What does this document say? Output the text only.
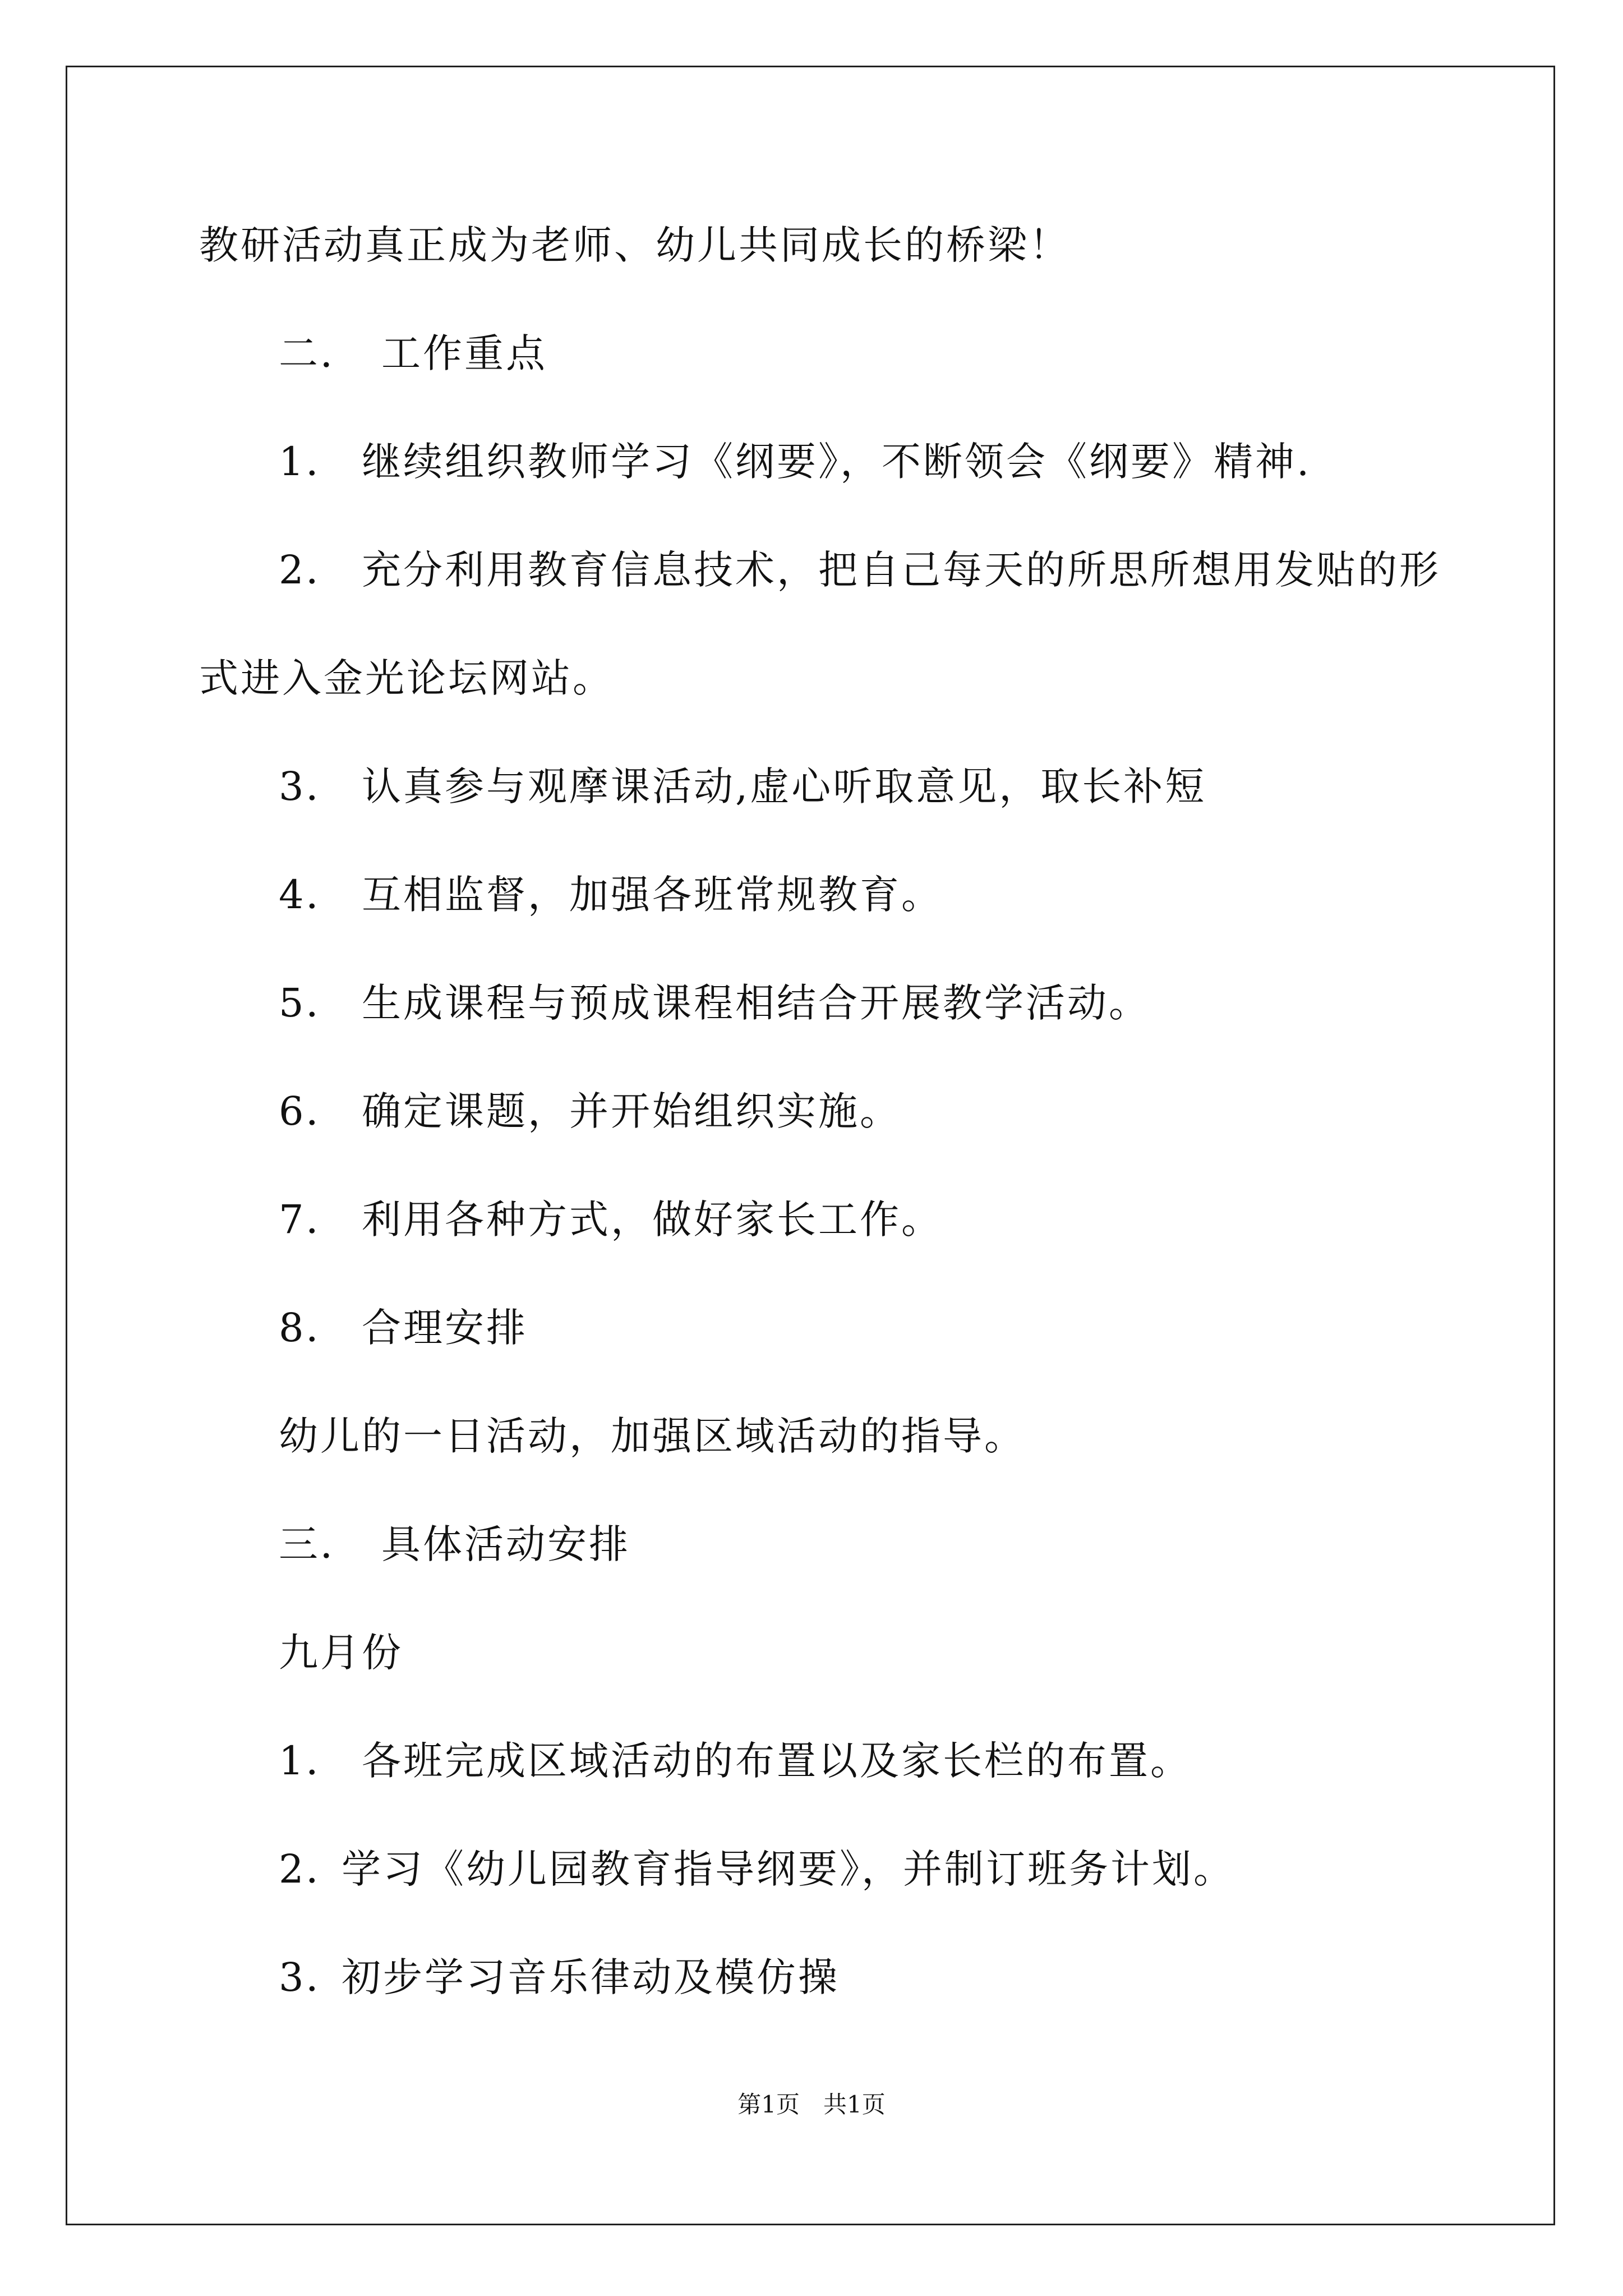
教研活动真正成为老师、幼儿共同成长的桥梁！
二． 工作重点
1． 继续组织教师学习《纲要》，不断领会《纲要》精神.
2． 充分利用教育信息技术，把自己每天的所思所想用发贴的形
式进入金光论坛网站。
3． 认真参与观摩课活动,虚心听取意见，取长补短
4． 互相监督，加强各班常规教育。
5． 生成课程与预成课程相结合开展教学活动。
6． 确定课题，并开始组织实施。
7． 利用各种方式，做好家长工作。
8． 合理安排
幼儿的一日活动，加强区域活动的指导。
三． 具体活动安排
九月份
1． 各班完成区域活动的布置以及家长栏的布置。
2．学习《幼儿园教育指导纲要》，并制订班务计划。
3．初步学习音乐律动及模仿操
第1页　共1页
